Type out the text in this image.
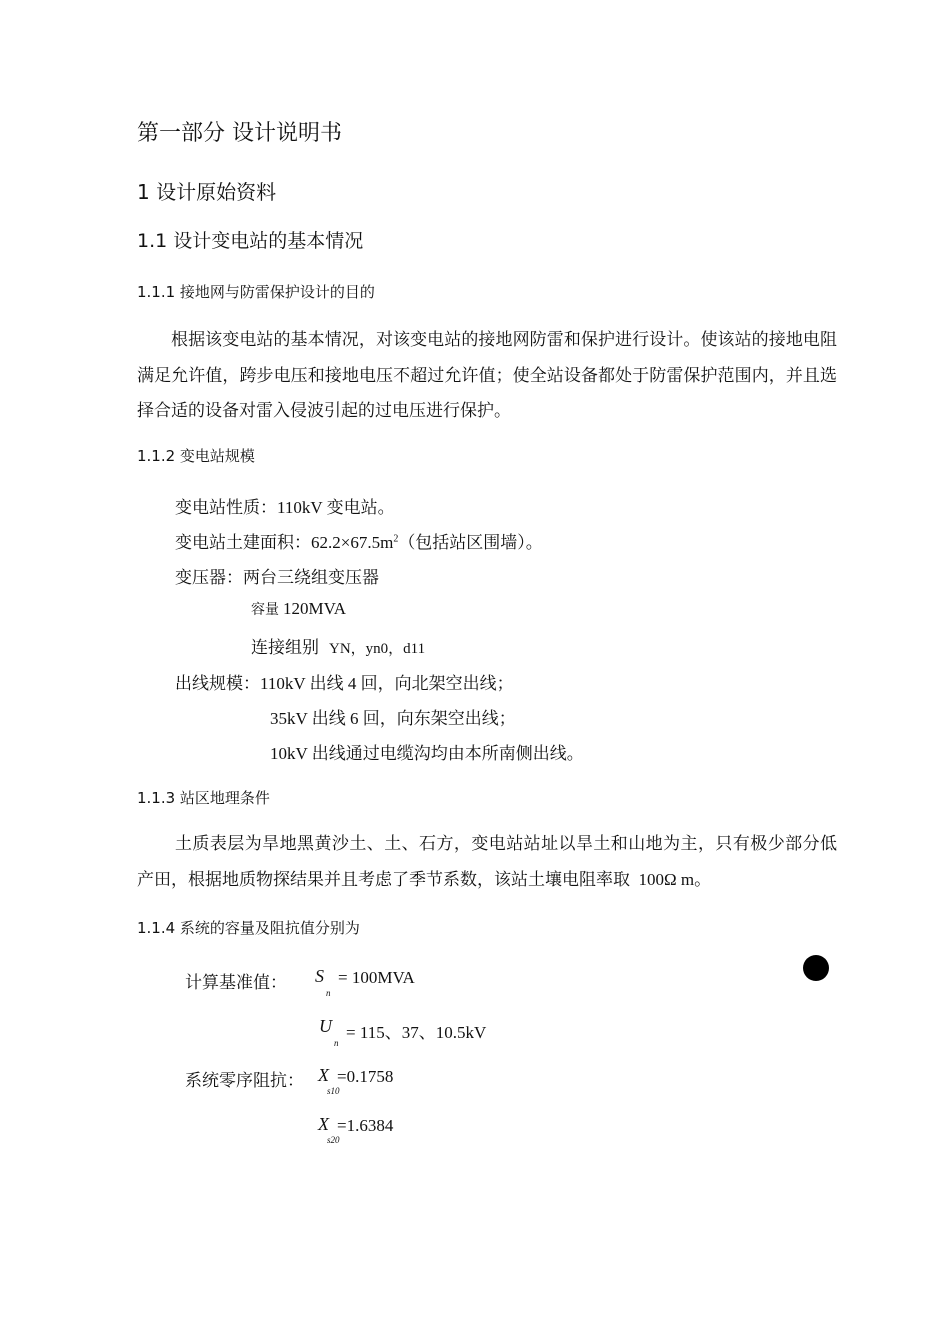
第一部分 设计说明书
1 设计原始资料
1.1 设计变电站的基本情况
1.1.1 接地网与防雷保护设计的目的

根据该变电站的基本情况，对该变电站的接地网防雷和保护进行设计。使该站的接地电阻满足允许值，跨步电压和接地电压不超过允许值；使全站设备都处于防雷保护范围内，并且选择合适的设备对雷入侵波引起的过电压进行保护。

1.1.2 变电站规模
变电站性质：110kV 变电站。
变电站土建面积：$62.2\times 67.5m^2$（包括站区围墙）。
变压器：两台三绕组变压器
容量 120MVA
连接组别 YN，yn0，d11
出线规模：110kV 出线 4 回，向北架空出线；
35kV 出线 6 回，向东架空出线；
10kV 出线通过电缆沟均由本所南侧出线。
1.1.3 站区地理条件

土质表层为旱地黑黄沙土、土、石方，变电站站址以旱土和山地为主，只有极少部分低产田，根据地质物探结果并且考虑了季节系数，该站土壤电阻率取 100Ω m。

1.1.4 系统的容量及阻抗值分别为
计算基准值： S
n
= 100MVA
U
n
= 115、37、10.5kV
系统零序阻抗： X
s10
=0.1758
X
s20
=1.6384
